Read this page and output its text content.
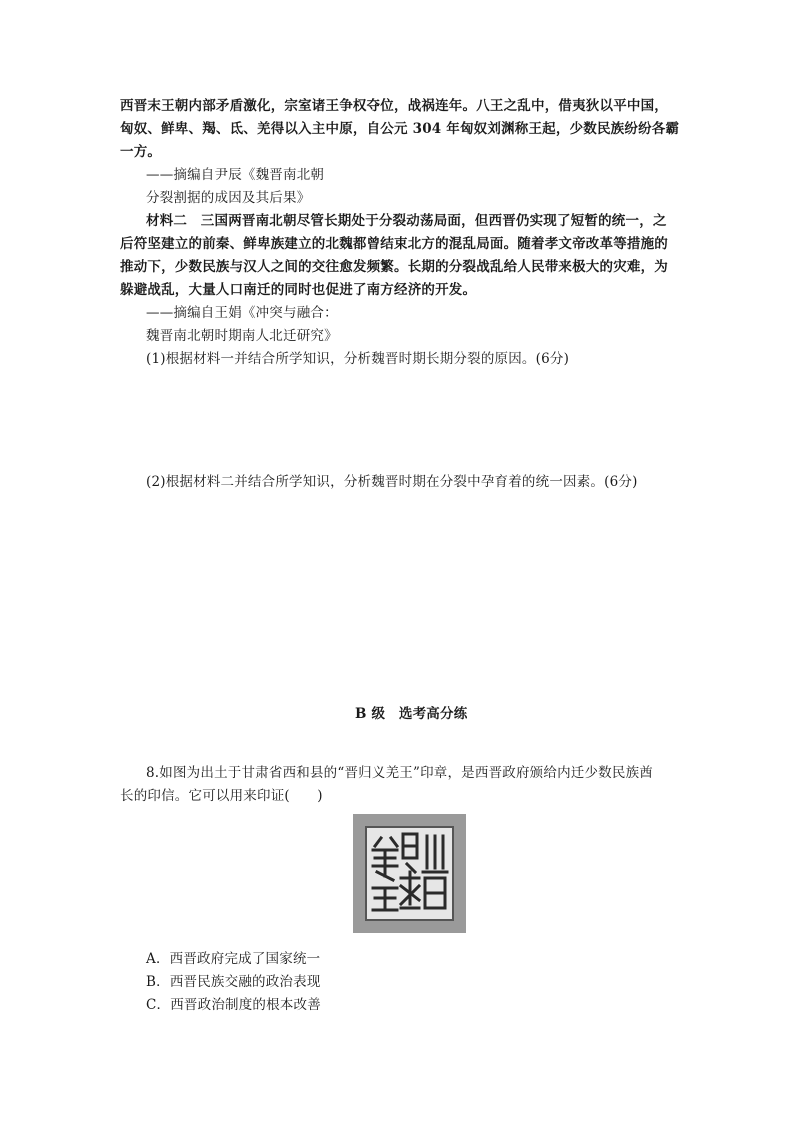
西晋末王朝内部矛盾激化，宗室诸王争权夺位，战祸连年。八王之乱中，借夷狄以平中国，
匈奴、鲜卑、羯、氐、羌得以入主中原，自公元 304 年匈奴刘渊称王起，少数民族纷纷各霸
一方。
——摘编自尹辰《魏晋南北朝
分裂割据的成因及其后果》
材料二　三国两晋南北朝尽管长期处于分裂动荡局面，但西晋仍实现了短暂的统一，之
后符坚建立的前秦、鲜卑族建立的北魏都曾结束北方的混乱局面。随着孝文帝改革等措施的
推动下，少数民族与汉人之间的交往愈发频繁。长期的分裂战乱给人民带来极大的灾难，为
躲避战乱，大量人口南迁的同时也促进了南方经济的开发。
——摘编自王娟《冲突与融合：
魏晋南北朝时期南人北迁研究》
(1)根据材料一并结合所学知识，分析魏晋时期长期分裂的原因。(6分)
(2)根据材料二并结合所学知识，分析魏晋时期在分裂中孕育着的统一因素。(6分)
B 级　选考高分练
8.如图为出土于甘肃省西和县的“晋归义羌王”印章，是西晋政府颁给内迁少数民族酋
长的印信。它可以用来印证(　　)
A．西晋政府完成了国家统一
B．西晋民族交融的政治表现
C．西晋政治制度的根本改善
